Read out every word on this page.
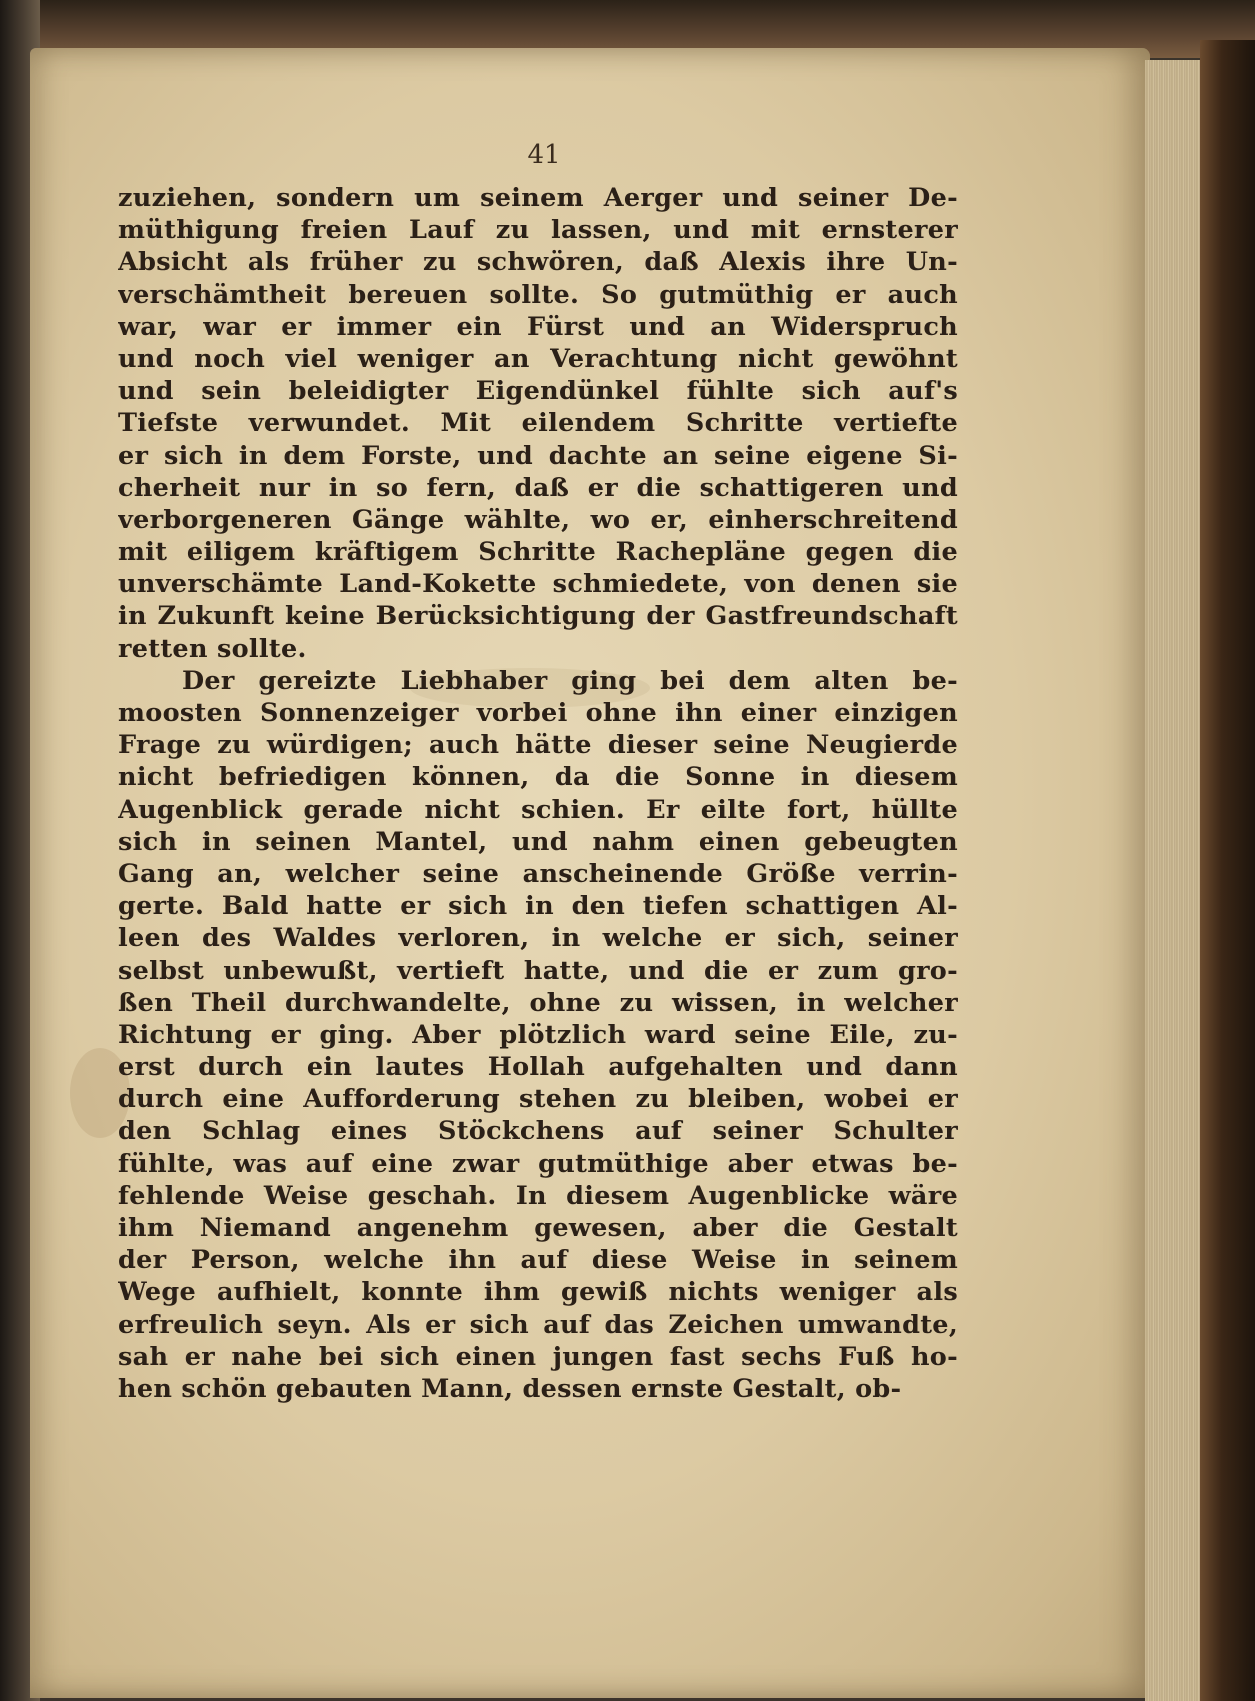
41
zuziehen, sondern um seinem Aerger und seiner De-
müthigung freien Lauf zu lassen, und mit ernsterer
Absicht als früher zu schwören, daß Alexis ihre Un-
verschämtheit bereuen sollte. So gutmüthig er auch
war, war er immer ein Fürst und an Widerspruch
und noch viel weniger an Verachtung nicht gewöhnt
und sein beleidigter Eigendünkel fühlte sich auf's
Tiefste verwundet. Mit eilendem Schritte vertiefte
er sich in dem Forste, und dachte an seine eigene Si-
cherheit nur in so fern, daß er die schattigeren und
verborgeneren Gänge wählte, wo er, einherschreitend
mit eiligem kräftigem Schritte Rachepläne gegen die
unverschämte Land-Kokette schmiedete, von denen sie
in Zukunft keine Berücksichtigung der Gastfreundschaft
retten sollte.
Der gereizte Liebhaber ging bei dem alten be-
moosten Sonnenzeiger vorbei ohne ihn einer einzigen
Frage zu würdigen; auch hätte dieser seine Neugierde
nicht befriedigen können, da die Sonne in diesem
Augenblick gerade nicht schien. Er eilte fort, hüllte
sich in seinen Mantel, und nahm einen gebeugten
Gang an, welcher seine anscheinende Größe verrin-
gerte. Bald hatte er sich in den tiefen schattigen Al-
leen des Waldes verloren, in welche er sich, seiner
selbst unbewußt, vertieft hatte, und die er zum gro-
ßen Theil durchwandelte, ohne zu wissen, in welcher
Richtung er ging. Aber plötzlich ward seine Eile, zu-
erst durch ein lautes Hollah aufgehalten und dann
durch eine Aufforderung stehen zu bleiben, wobei er
den Schlag eines Stöckchens auf seiner Schulter
fühlte, was auf eine zwar gutmüthige aber etwas be-
fehlende Weise geschah. In diesem Augenblicke wäre
ihm Niemand angenehm gewesen, aber die Gestalt
der Person, welche ihn auf diese Weise in seinem
Wege aufhielt, konnte ihm gewiß nichts weniger als
erfreulich seyn. Als er sich auf das Zeichen umwandte,
sah er nahe bei sich einen jungen fast sechs Fuß ho-
hen schön gebauten Mann, dessen ernste Gestalt, ob-
